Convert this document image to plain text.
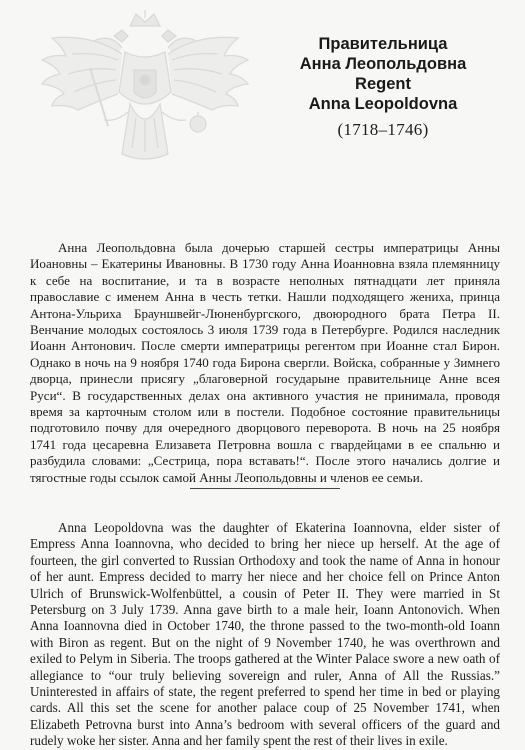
Правительница
Анна Леопольдовна
Regent
Anna Leopoldovna
(1718–1746)

Анна Леопольдовна была дочерью старшей сестры императрицы Анны Иоановны – Екатерины Ивановны. В 1730 году Анна Иоанновна взяла племянницу к себе на воспитание, и та в возрасте неполных пятнадцати лет приняла православие с именем Анна в честь тетки. Нашли подходящего жениха, принца Антона-Ульриха Брауншвейг-Люненбургского, двоюродного брата Петра II. Венчание молодых состоялось 3 июля 1739 года в Петербурге. Родился наследник Иоанн Антонович. После смерти императрицы регентом при Иоанне стал Бирон. Однако в ночь на 9 ноября 1740 года Бирона свергли. Войска, собранные у Зимнего дворца, принесли присягу „благоверной государыне правительнице Анне всея Руси“. В государственных делах она активного участия не принимала, проводя время за карточным столом или в постели. Подобное состояние правительницы подготовило почву для очередного дворцового переворота. В ночь на 25 ноября 1741 года цесаревна Елизавета Петровна вошла с гвардейцами в ее спальню и разбудила словами: „Сестрица, пора вставать!“. После этого начались долгие и тягостные годы ссылок самой Анны Леопольдовны и членов ее семьи.

Anna Leopoldovna was the daughter of Ekaterina Ioannovna, elder sister of Empress Anna Ioannovna, who decided to bring her niece up herself. At the age of fourteen, the girl converted to Russian Orthodoxy and took the name of Anna in honour of her aunt. Empress decided to marry her niece and her choice fell on Prince Anton Ulrich of Brunswick-Wolfenbüttel, a cousin of Peter II. They were married in St Petersburg on 3 July 1739. Anna gave birth to a male heir, Ioann Antonovich. When Anna Ioannovna died in October 1740, the throne passed to the two-month-old Ioann with Biron as regent. But on the night of 9 November 1740, he was overthrown and exiled to Pelym in Siberia. The troops gathered at the Winter Palace swore a new oath of allegiance to “our truly believing sovereign and ruler, Anna of All the Russias.” Uninterested in affairs of state, the regent preferred to spend her time in bed or playing cards. All this set the scene for another palace coup of 25 November 1741, when Elizabeth Petrovna burst into Anna’s bedroom with several officers of the guard and rudely woke her sister. Anna and her family spent the rest of their lives in exile.
